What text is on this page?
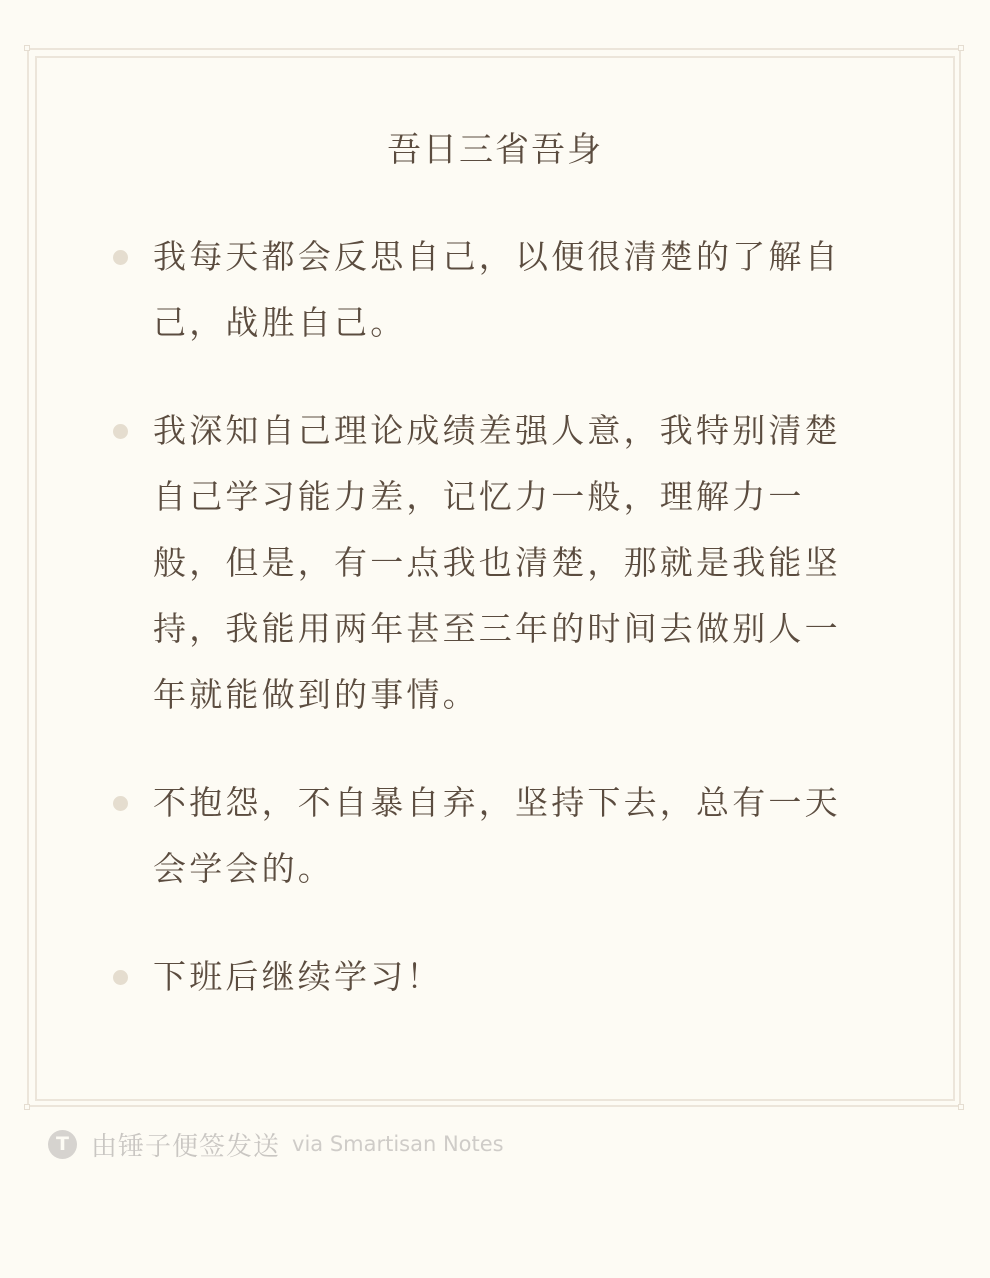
吾日三省吾身
我每天都会反思自己，以便很清楚的了解自己，战胜自己。
我深知自己理论成绩差强人意，我特别清楚自己学习能力差，记忆力一般，理解力一般，但是，有一点我也清楚，那就是我能坚持，我能用两年甚至三年的时间去做别人一年就能做到的事情。
不抱怨，不自暴自弃，坚持下去，总有一天会学会的。
下班后继续学习！
T 由锤子便签发送 via Smartisan Notes
